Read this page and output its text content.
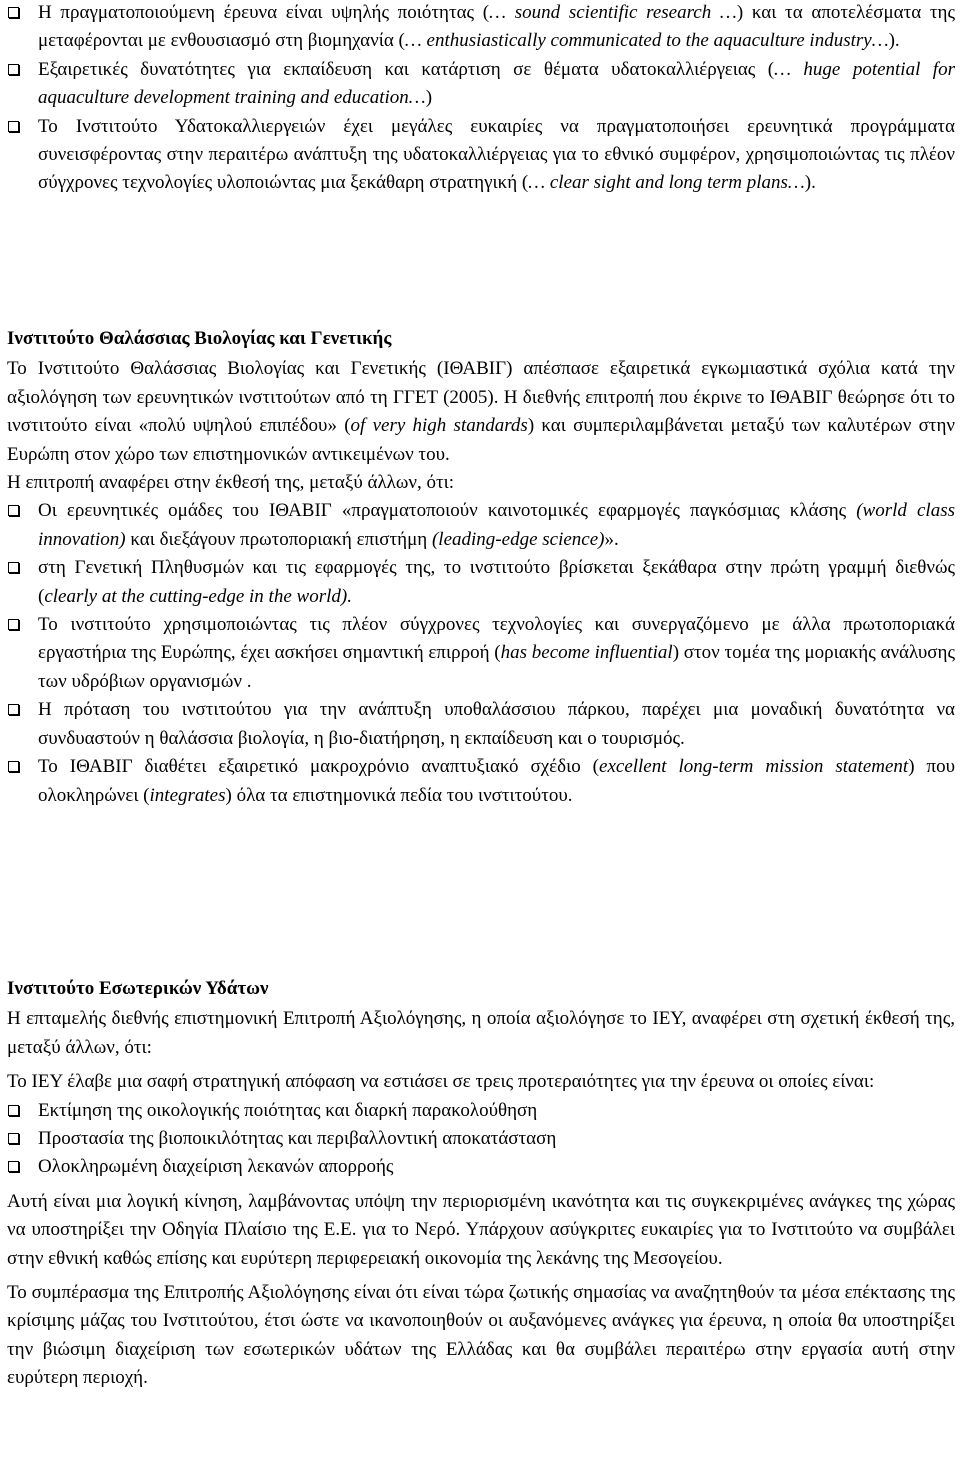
Η πραγματοποιούμενη έρευνα είναι υψηλής ποιότητας (… sound scientific research …) και τα αποτελέσματα της μεταφέρονται με ενθουσιασμό στη βιομηχανία (… enthusiastically communicated to the aquaculture industry…).

Εξαιρετικές δυνατότητες για εκπαίδευση και κατάρτιση σε θέματα υδατοκαλλιέργειας (… huge potential for aquaculture development training and education…)

Το Ινστιτούτο Υδατοκαλλιεργειών έχει μεγάλες ευκαιρίες να πραγματοποιήσει ερευνητικά προγράμματα συνεισφέροντας στην περαιτέρω ανάπτυξη της υδατοκαλλιέργειας για το εθνικό συμφέρον, χρησιμοποιώντας τις πλέον σύγχρονες τεχνολογίες υλοποιώντας μια ξεκάθαρη στρατηγική (… clear sight and long term plans…).

Ινστιτούτο Θαλάσσιας Βιολογίας και Γενετικής

Το Ινστιτούτο Θαλάσσιας Βιολογίας και Γενετικής (ΙΘΑΒΙΓ) απέσπασε εξαιρετικά εγκωμιαστικά σχόλια κατά την αξιολόγηση των ερευνητικών ινστιτούτων από τη ΓΓΕΤ (2005). Η διεθνής επιτροπή που έκρινε το ΙΘΑΒΙΓ θεώρησε ότι το ινστιτούτο είναι «πολύ υψηλού επιπέδου» (of very high standards) και συμπεριλαμβάνεται μεταξύ των καλυτέρων στην Ευρώπη στον χώρο των επιστημονικών αντικειμένων του.

Η επιτροπή αναφέρει στην έκθεσή της, μεταξύ άλλων, ότι:

Οι ερευνητικές ομάδες του ΙΘΑΒΙΓ «πραγματοποιούν καινοτομικές εφαρμογές παγκόσμιας κλάσης (world class innovation) και διεξάγουν πρωτοποριακή επιστήμη (leading-edge science)».

στη Γενετική Πληθυσμών και τις εφαρμογές της, το ινστιτούτο βρίσκεται ξεκάθαρα στην πρώτη γραμμή διεθνώς (clearly at the cutting-edge in the world).

Το ινστιτούτο χρησιμοποιώντας τις πλέον σύγχρονες τεχνολογίες και συνεργαζόμενο με άλλα πρωτοποριακά εργαστήρια της Ευρώπης, έχει ασκήσει σημαντική επιρροή (has become influential) στον τομέα της μοριακής ανάλυσης των υδρόβιων οργανισμών .

Η πρόταση του ινστιτούτου για την ανάπτυξη υποθαλάσσιου πάρκου, παρέχει μια μοναδική δυνατότητα να συνδυαστούν η θαλάσσια βιολογία, η βιο-διατήρηση, η εκπαίδευση και ο τουρισμός.

Το ΙΘΑΒΙΓ διαθέτει εξαιρετικό μακροχρόνιο αναπτυξιακό σχέδιο (excellent long-term mission statement) που ολοκληρώνει (integrates) όλα τα επιστημονικά πεδία του ινστιτούτου.

Ινστιτούτο Εσωτερικών Υδάτων

Η επταμελής διεθνής επιστημονική Επιτροπή Αξιολόγησης, η οποία αξιολόγησε το ΙΕΥ, αναφέρει στη σχετική έκθεσή της, μεταξύ άλλων, ότι:

Το ΙΕΥ έλαβε μια σαφή στρατηγική απόφαση να εστιάσει σε τρεις προτεραιότητες για την έρευνα οι οποίες είναι:

Εκτίμηση της οικολογικής ποιότητας και διαρκή παρακολούθηση

Προστασία της βιοποικιλότητας και περιβαλλοντική αποκατάσταση

Ολοκληρωμένη διαχείριση λεκανών απορροής

Αυτή είναι μια λογική κίνηση, λαμβάνοντας υπόψη την περιορισμένη ικανότητα και τις συγκεκριμένες ανάγκες της χώρας να υποστηρίξει την Οδηγία Πλαίσιο της Ε.Ε. για το Νερό. Υπάρχουν ασύγκριτες ευκαιρίες για το Ινστιτούτο να συμβάλει στην εθνική καθώς επίσης και ευρύτερη περιφερειακή οικονομία της λεκάνης της Μεσογείου.

Το συμπέρασμα της Επιτροπής Αξιολόγησης είναι ότι είναι τώρα ζωτικής σημασίας να αναζητηθούν τα μέσα επέκτασης της κρίσιμης μάζας του Ινστιτούτου, έτσι ώστε να ικανοποιηθούν οι αυξανόμενες ανάγκες για έρευνα, η οποία θα υποστηρίξει την βιώσιμη διαχείριση των εσωτερικών υδάτων της Ελλάδας και θα συμβάλει περαιτέρω στην εργασία αυτή στην ευρύτερη περιοχή.
